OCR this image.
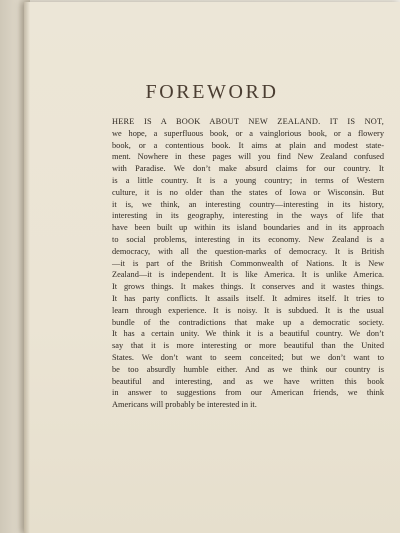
FOREWORD

HERE IS A BOOK ABOUT NEW ZEALAND. IT IS NOT,
we hope, a superfluous book, or a vainglorious book, or a flowery
book, or a contentious book. It aims at plain and modest state-
ment. Nowhere in these pages will you find New Zealand confused
with Paradise. We don’t make absurd claims for our country. It
is a little country. It is a young country; in terms of Western
culture, it is no older than the states of Iowa or Wisconsin. But
it is, we think, an interesting country—interesting in its history,
interesting in its geography, interesting in the ways of life that
have been built up within its island boundaries and in its approach
to social problems, interesting in its economy. New Zealand is a
democracy, with all the question-marks of democracy. It is British
—it is part of the British Commonwealth of Nations. It is New
Zealand—it is independent. It is like America. It is unlike America.
It grows things. It makes things. It conserves and it wastes things.
It has party conflicts. It assails itself. It admires itself. It tries to
learn through experience. It is noisy. It is subdued. It is the usual
bundle of the contradictions that make up a democratic society.
It has a certain unity. We think it is a beautiful country. We don’t
say that it is more interesting or more beautiful than the United
States. We don’t want to seem conceited; but we don’t want to
be too absurdly humble either. And as we think our country is
beautiful and interesting, and as we have written this book
in answer to suggestions from our American friends, we think
Americans will probably be interested in it.
